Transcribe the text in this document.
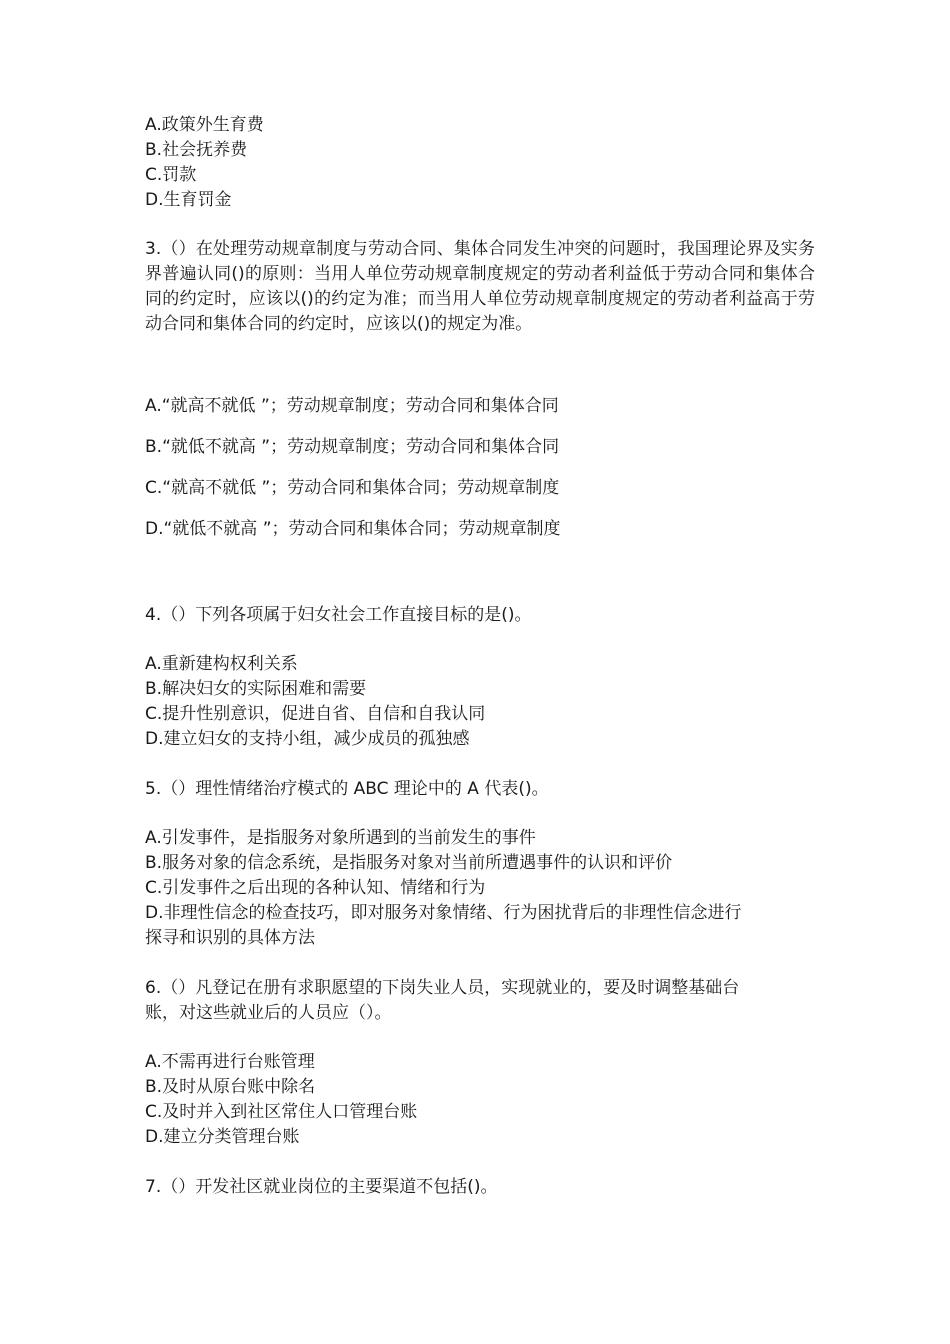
A.政策外生育费
B.社会抚养费
C.罚款
D.生育罚金
3.（）在处理劳动规章制度与劳动合同、集体合同发生冲突的问题时，我国理论界及实务界普遍认同()的原则：当用人单位劳动规章制度规定的劳动者利益低于劳动合同和集体合同的约定时，应该以()的约定为准；而当用人单位劳动规章制度规定的劳动者利益高于劳动合同和集体合同的约定时，应该以()的规定为准。
A.“就高不就低 ”；劳动规章制度；劳动合同和集体合同
B.“就低不就高 ”；劳动规章制度；劳动合同和集体合同
C.“就高不就低 ”；劳动合同和集体合同；劳动规章制度
D.“就低不就高 ”；劳动合同和集体合同；劳动规章制度
4.（）下列各项属于妇女社会工作直接目标的是()。
A.重新建构权利关系
B.解决妇女的实际困难和需要
C.提升性别意识，促进自省、自信和自我认同
D.建立妇女的支持小组，减少成员的孤独感
5.（）理性情绪治疗模式的 ABC 理论中的 A 代表()。
A.引发事件，是指服务对象所遇到的当前发生的事件
B.服务对象的信念系统，是指服务对象对当前所遭遇事件的认识和评价
C.引发事件之后出现的各种认知、情绪和行为
D.非理性信念的检查技巧，即对服务对象情绪、行为困扰背后的非理性信念进行
探寻和识别的具体方法
6.（）凡登记在册有求职愿望的下岗失业人员，实现就业的，要及时调整基础台
账，对这些就业后的人员应（）。
A.不需再进行台账管理
B.及时从原台账中除名
C.及时并入到社区常住人口管理台账
D.建立分类管理台账
7.（）开发社区就业岗位的主要渠道不包括()。
